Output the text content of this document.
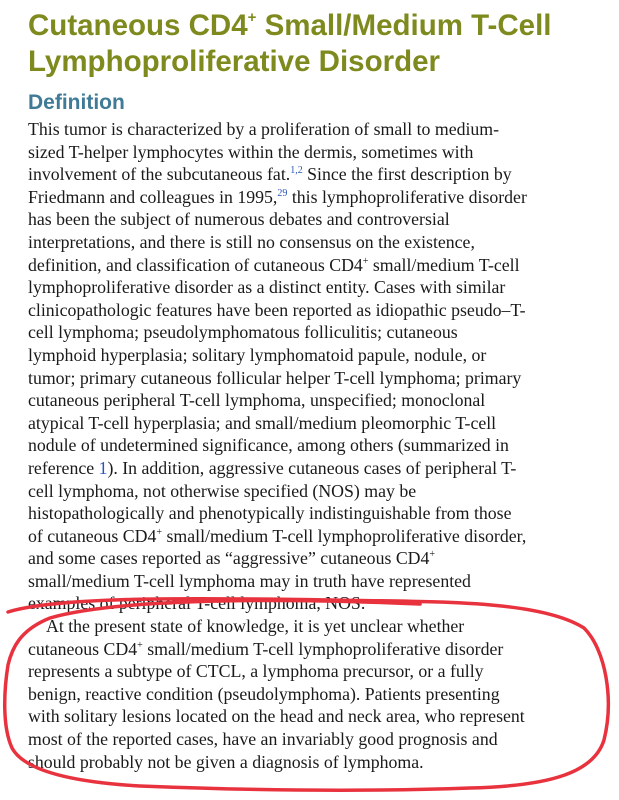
Cutaneous CD4+ Small/Medium T-Cell
Lymphoproliferative Disorder
Definition

This tumor is characterized by a proliferation of small to medium-
sized T-helper lymphocytes within the dermis, sometimes with
involvement of the subcutaneous fat.$^{1,2}$ Since the first description by
Friedmann and colleagues in 1995,29 this lymphoproliferative disorder
has been the subject of numerous debates and controversial
interpretations, and there is still no consensus on the existence,
definition, and classification of cutaneous CD4+ small/medium T-cell
lymphoproliferative disorder as a distinct entity. Cases with similar
clinicopathologic features have been reported as idiopathic pseudo–T-
cell lymphoma; pseudolymphomatous folliculitis; cutaneous
lymphoid hyperplasia; solitary lymphomatoid papule, nodule, or
tumor; primary cutaneous follicular helper T-cell lymphoma; primary
cutaneous peripheral T-cell lymphoma, unspecified; monoclonal
atypical T-cell hyperplasia; and small/medium pleomorphic T-cell
nodule of undetermined significance, among others (summarized in
reference 1). In addition, aggressive cutaneous cases of peripheral T-
cell lymphoma, not otherwise specified (NOS) may be
histopathologically and phenotypically indistinguishable from those
of cutaneous CD4+ small/medium T-cell lymphoproliferative disorder,
and some cases reported as “aggressive” cutaneous CD4+
small/medium T-cell lymphoma may in truth have represented
examples of peripheral T-cell lymphoma, NOS.

At the present state of knowledge, it is yet unclear whether
cutaneous CD4+ small/medium T-cell lymphoproliferative disorder
represents a subtype of CTCL, a lymphoma precursor, or a fully
benign, reactive condition (pseudolymphoma). Patients presenting
with solitary lesions located on the head and neck area, who represent
most of the reported cases, have an invariably good prognosis and
should probably not be given a diagnosis of lymphoma.
